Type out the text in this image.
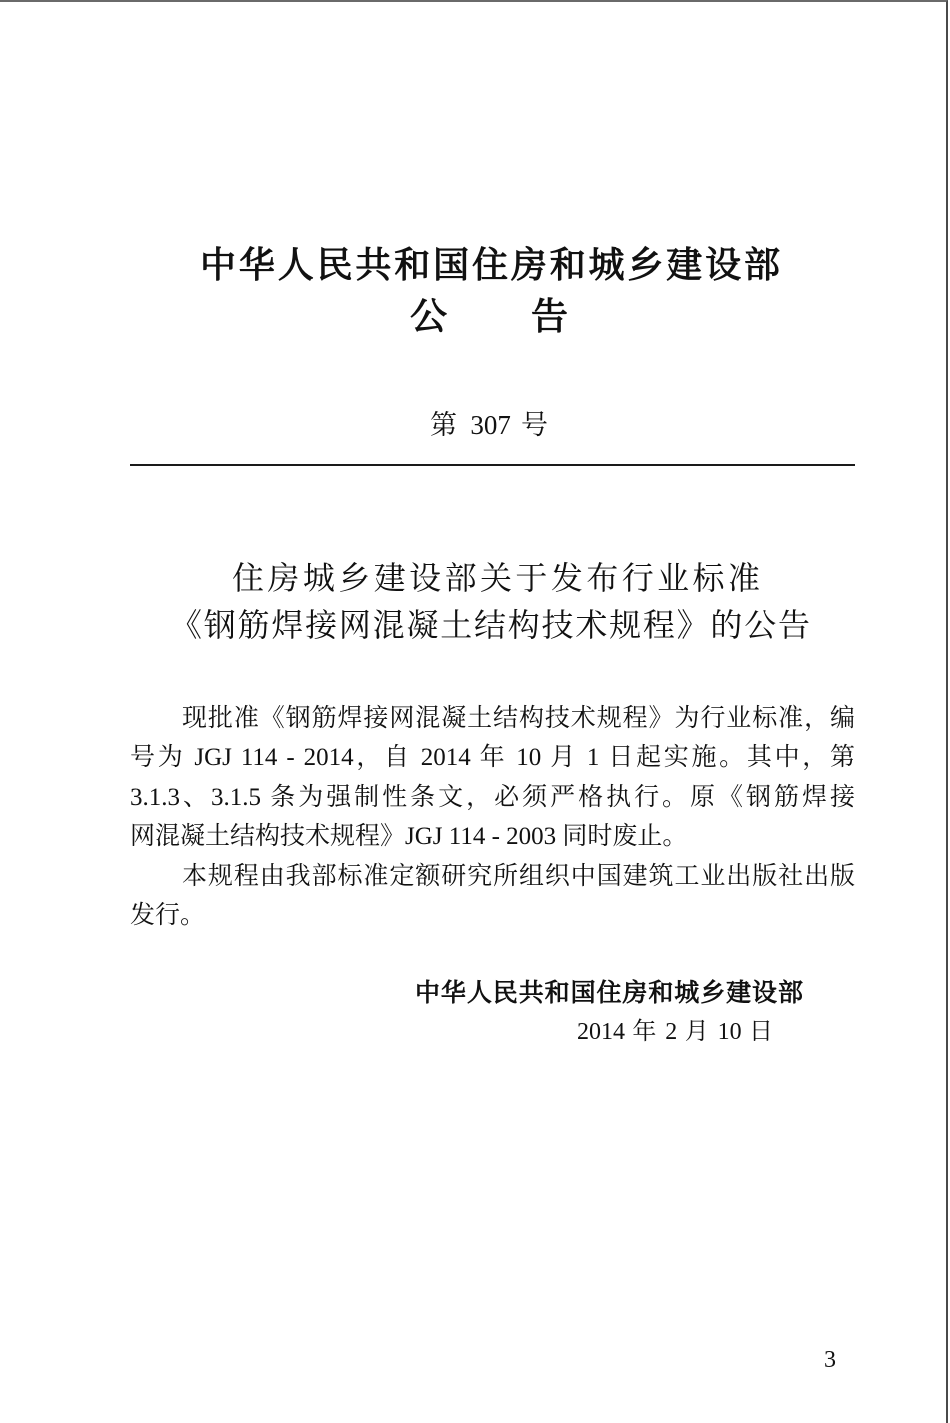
中华人民共和国住房和城乡建设部
公　　告
第 307 号
住房城乡建设部关于发布行业标准
《钢筋焊接网混凝土结构技术规程》的公告
现批准《钢筋焊接网混凝土结构技术规程》为行业标准，编
号为 JGJ 114 - 2014，自 2014 年 10 月 1 日起实施。其中，第
3.1.3、3.1.5 条为强制性条文，必须严格执行。原《钢筋焊接
网混凝土结构技术规程》JGJ 114 - 2003 同时废止。
本规程由我部标准定额研究所组织中国建筑工业出版社出版
发行。
中华人民共和国住房和城乡建设部
2014 年 2 月 10 日
3
